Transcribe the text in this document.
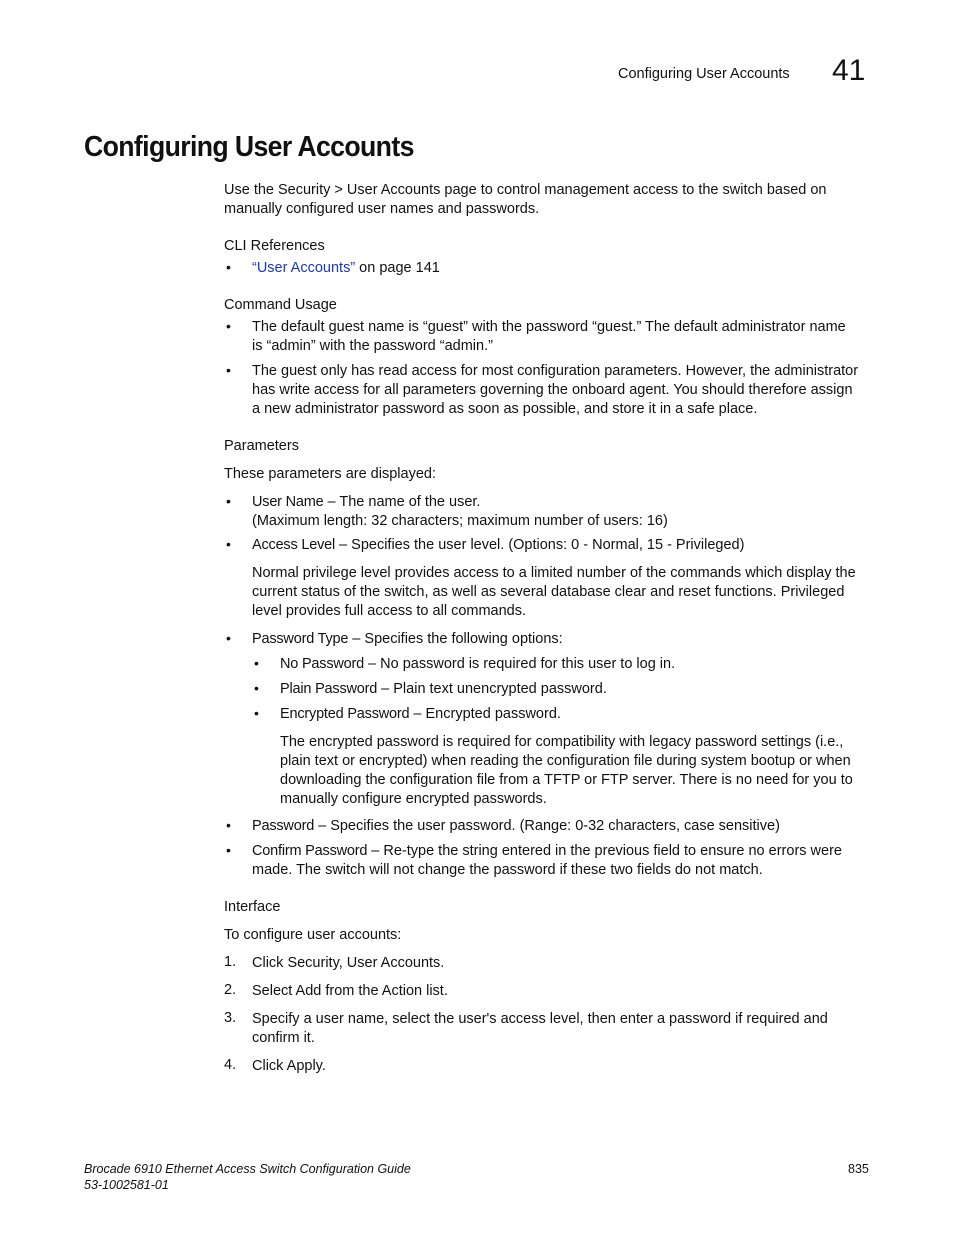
Configuring User Accounts 41
Configuring User Accounts
Use the Security > User Accounts page to control management access to the switch based on
manually configured user names and passwords.
CLI References
•	“User Accounts” on page 141
Command Usage
•	The default guest name is “guest” with the password “guest.” The default administrator name
is “admin” with the password “admin.”
•	The guest only has read access for most configuration parameters. However, the administrator
has write access for all parameters governing the onboard agent. You should therefore assign
a new administrator password as soon as possible, and store it in a safe place.
Parameters
These parameters are displayed:
•	User Name – The name of the user.
(Maximum length: 32 characters; maximum number of users: 16)
•	Access Level – Specifies the user level. (Options: 0 - Normal, 15 - Privileged)
Normal privilege level provides access to a limited number of the commands which display the
current status of the switch, as well as several database clear and reset functions. Privileged
level provides full access to all commands.
•	Password Type – Specifies the following options:
•	No Password – No password is required for this user to log in.
•	Plain Password – Plain text unencrypted password.
•	Encrypted Password – Encrypted password.
The encrypted password is required for compatibility with legacy password settings (i.e.,
plain text or encrypted) when reading the configuration file during system bootup or when
downloading the configuration file from a TFTP or FTP server. There is no need for you to
manually configure encrypted passwords.
•	Password – Specifies the user password. (Range: 0-32 characters, case sensitive)
•	Confirm Password – Re-type the string entered in the previous field to ensure no errors were
made. The switch will not change the password if these two fields do not match.
Interface
To configure user accounts:
1. Click Security, User Accounts.
2. Select Add from the Action list.
3. Specify a user name, select the user's access level, then enter a password if required and
confirm it.
4. Click Apply.
Brocade 6910 Ethernet Access Switch Configuration Guide
53-1002581-01
835
